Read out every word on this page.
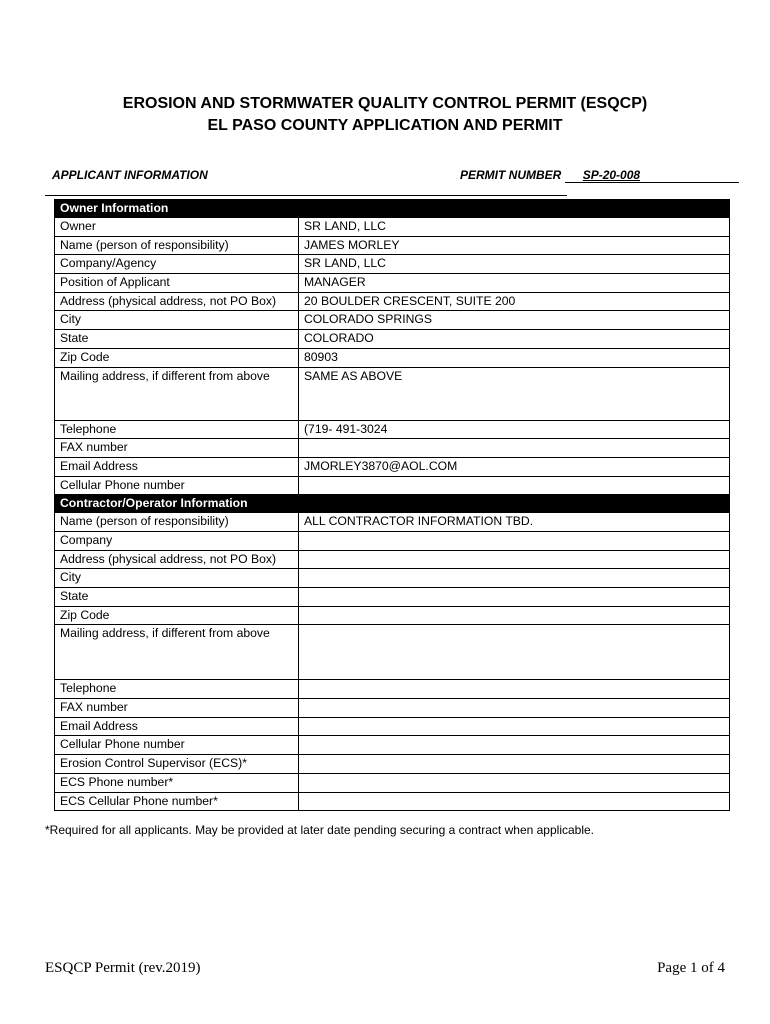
EROSION AND STORMWATER QUALITY CONTROL PERMIT (ESQCP)
EL PASO COUNTY APPLICATION AND PERMIT
APPLICANT INFORMATION	PERMIT NUMBER SP-20-008
Owner Information	
Owner	SR LAND, LLC
Name (person of responsibility)	JAMES MORLEY
Company/Agency	SR LAND, LLC
Position of Applicant	MANAGER
Address (physical address, not PO Box)	20 BOULDER CRESCENT, SUITE 200
City	COLORADO SPRINGS
State	COLORADO
Zip Code	80903
Mailing address, if different from above	SAME AS ABOVE
Telephone	(719- 491-3024
FAX number	
Email Address	JMORLEY3870@AOL.COM
Cellular Phone number	
Contractor/Operator Information	
Name (person of responsibility)	ALL CONTRACTOR INFORMATION TBD.
Company	
Address (physical address, not PO Box)	
City	
State	
Zip Code	
Mailing address, if different from above	
Telephone	
FAX number	
Email Address	
Cellular Phone number	
Erosion Control Supervisor (ECS)*	
ECS Phone number*	
ECS Cellular Phone number*	
*Required for all applicants. May be provided at later date pending securing a contract when applicable.
ESQCP Permit (rev.2019)	Page 1 of 4
